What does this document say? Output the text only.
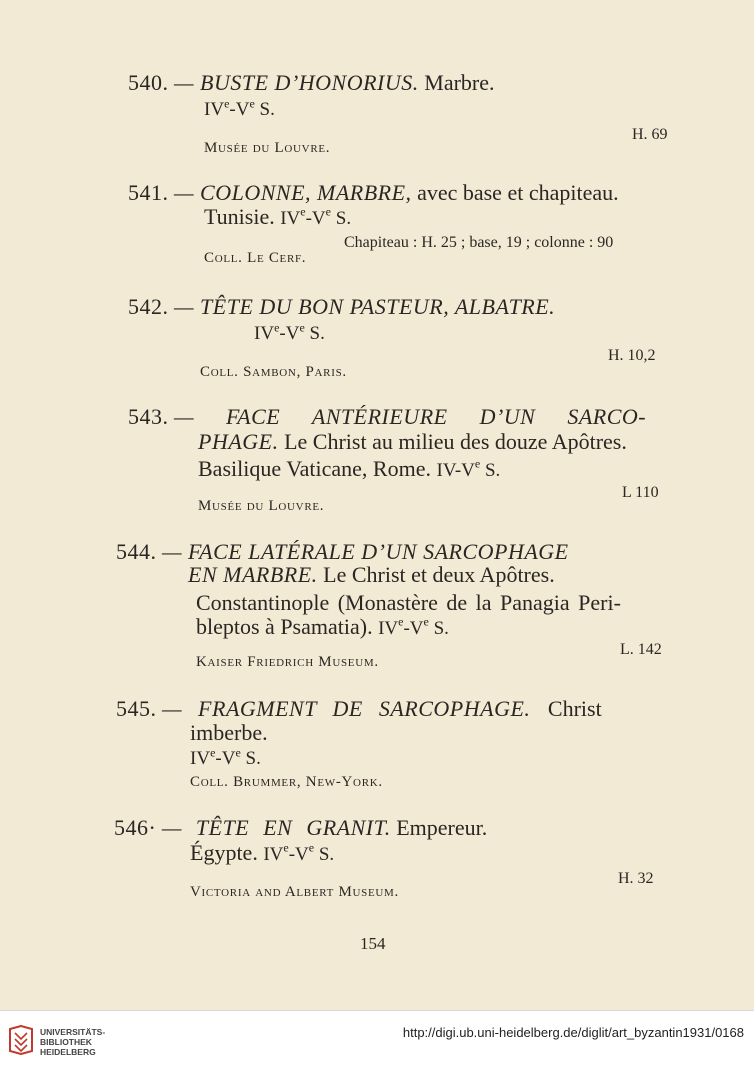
540. — BUSTE D’HONORIUS. Marbre.
IVe-Ve S.
H. 69
Musée du Louvre.
541. — COLONNE, MARBRE, avec base et chapiteau.
Tunisie. IVe-Ve S.
Chapiteau : H. 25 ; base, 19 ; colonne : 90
Coll. Le Cerf.
542. — TÊTE DU BON PASTEUR, ALBATRE.
IVe-Ve S.
H. 10,2
Coll. Sambon, Paris.
543. — FACE ANTÉRIEURE D’UN SARCO-
PHAGE. Le Christ au milieu des douze Apôtres.
Basilique Vaticane, Rome. IV-Ve S.
L 110
Musée du Louvre.
544. — FACE LATÉRALE D’UN SARCOPHAGE
EN MARBRE. Le Christ et deux Apôtres.
Constantinople (Monastère de la Panagia Peri-
bleptos à Psamatia). IVe-Ve S.
L. 142
Kaiser Friedrich Museum.
545. — FRAGMENT DE SARCOPHAGE. Christ
imberbe.
IVe-Ve S.
Coll. Brummer, New-York.
546· — TÊTE EN GRANIT. Empereur.
Égypte. IVe-Ve S.
H. 32
Victoria and Albert Museum.
154
UNIVERSITÄTS-
BIBLIOTHEK
HEIDELBERG
http://digi.ub.uni-heidelberg.de/diglit/art_byzantin1931/0168
